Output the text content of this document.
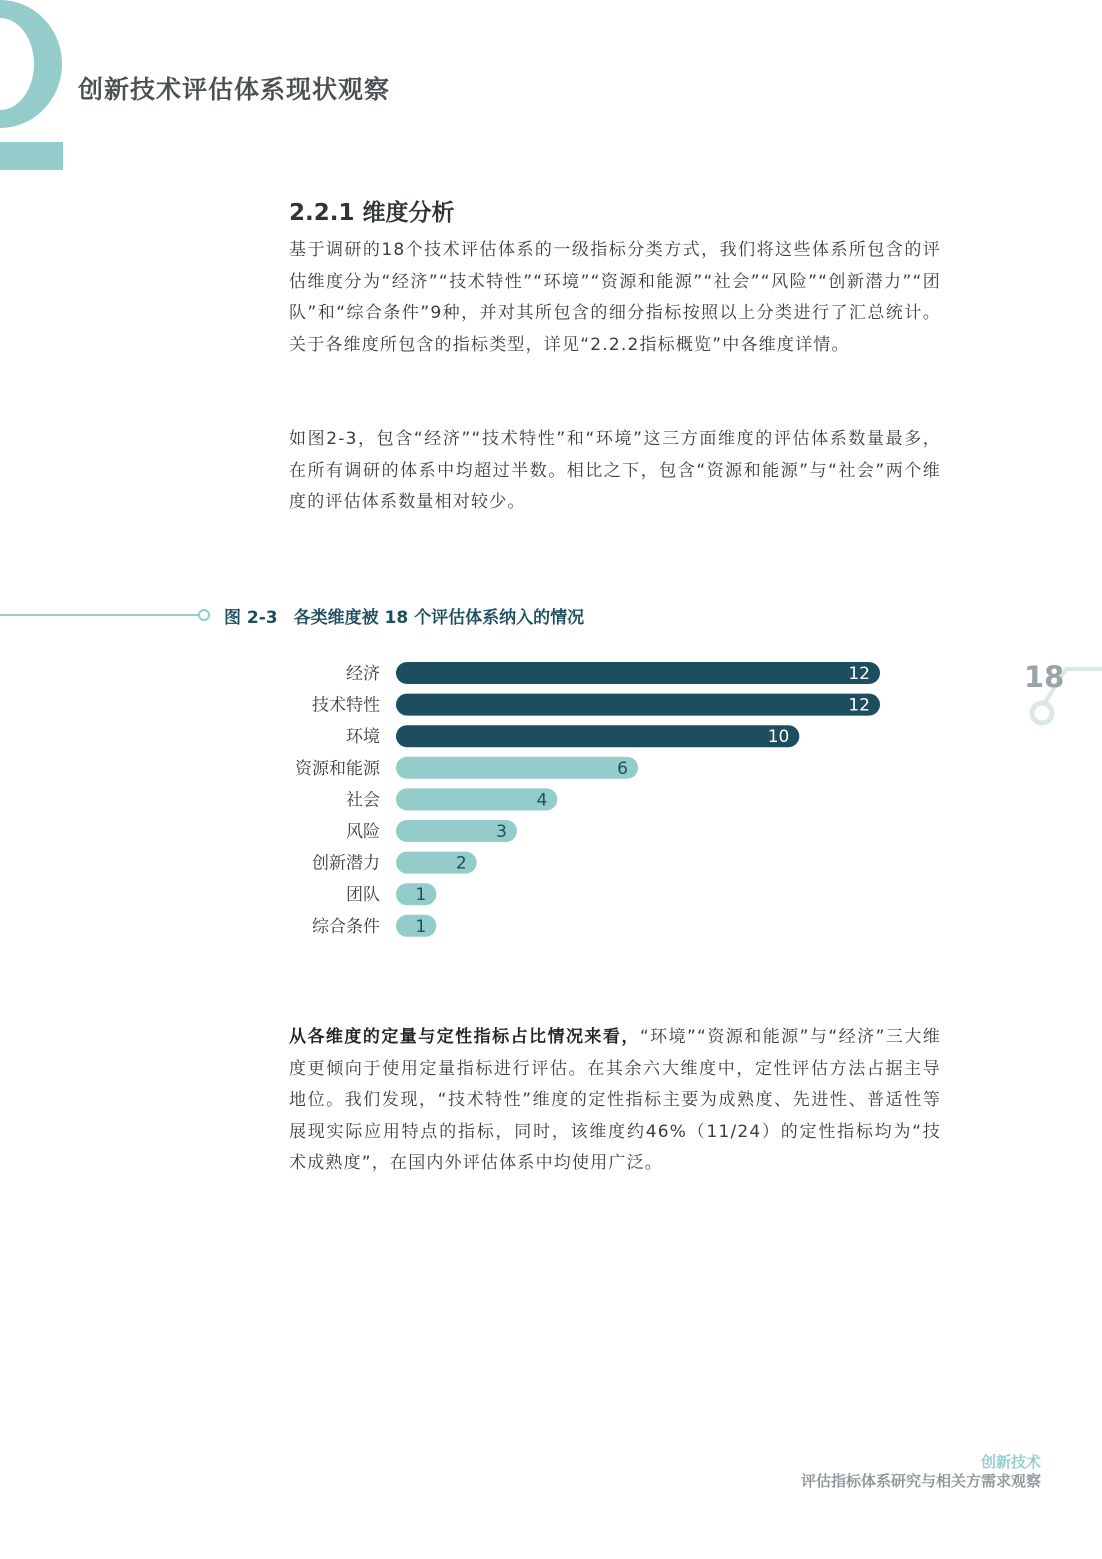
创新技术评估体系现状观察
2.2.1 维度分析

基于调研的18个技术评估体系的一级指标分类方式，我们将这些体系所包含的评估维度分为“经济”“技术特性”“环境”“资源和能源”“社会”“风险”“创新潜力”“团队”和“综合条件”9种，并对其所包含的细分指标按照以上分类进行了汇总统计。关于各维度所包含的指标类型，详见“2.2.2指标概览”中各维度详情。

如图2-3，包含“经济”“技术特性”和“环境”这三方面维度的评估体系数量最多，在所有调研的体系中均超过半数。相比之下，包含“资源和能源”与“社会”两个维度的评估体系数量相对较少。

图 2-3 各类维度被 18 个评估体系纳入的情况
经济	12
技术特性	12
环境	10
资源和能源	6
社会	4
风险	3
创新潜力	2
团队 1
综合条件 1
18

从各维度的定量与定性指标占比情况来看，“环境”“资源和能源”与“经济”三大维度更倾向于使用定量指标进行评估。在其余六大维度中，定性评估方法占据主导地位。我们发现，“技术特性”维度的定性指标主要为成熟度、先进性、普适性等展现实际应用特点的指标，同时，该维度约46%（11/24）的定性指标均为“技术成熟度”，在国内外评估体系中均使用广泛。

创新技术
评估指标体系研究与相关方需求观察
